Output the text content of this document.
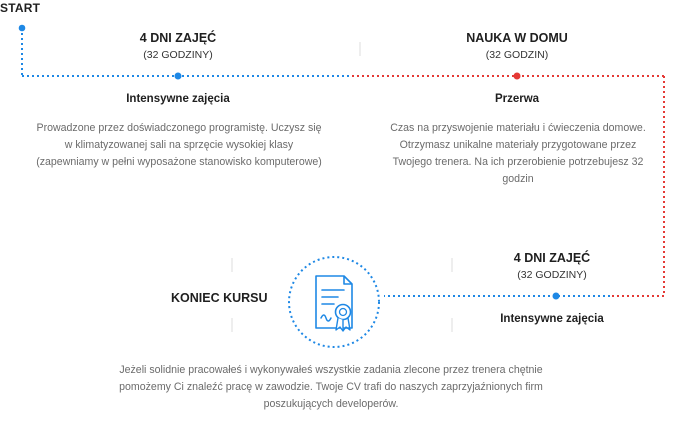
START
4 DNI ZAJĘĆ
(32 GODZINY)
Intensywne zajęcia
Prowadzone przez doświadczonego programistę. Uczysz się w klimatyzowanej sali na sprzęcie wysokiej klasy (zapewniamy w pełni wyposażone stanowisko komputerowe)
NAUKA W DOMU
(32 GODZIN)
Przerwa
Czas na przyswojenie materiału i ćwieczenia domowe. Otrzymasz unikalne materiały przygotowane przez Twojego trenera. Na ich przerobienie potrzebujesz 32 godzin
4 DNI ZAJĘĆ
(32 GODZINY)
Intensywne zajęcia
KONIEC KURSU
Jeżeli solidnie pracowałeś i wykonywałeś wszystkie zadania zlecone przez trenera chętnie pomożemy Ci znaleźć pracę w zawodzie. Twoje CV trafi do naszych zaprzyjaźnionych firm poszukujących developerów.
